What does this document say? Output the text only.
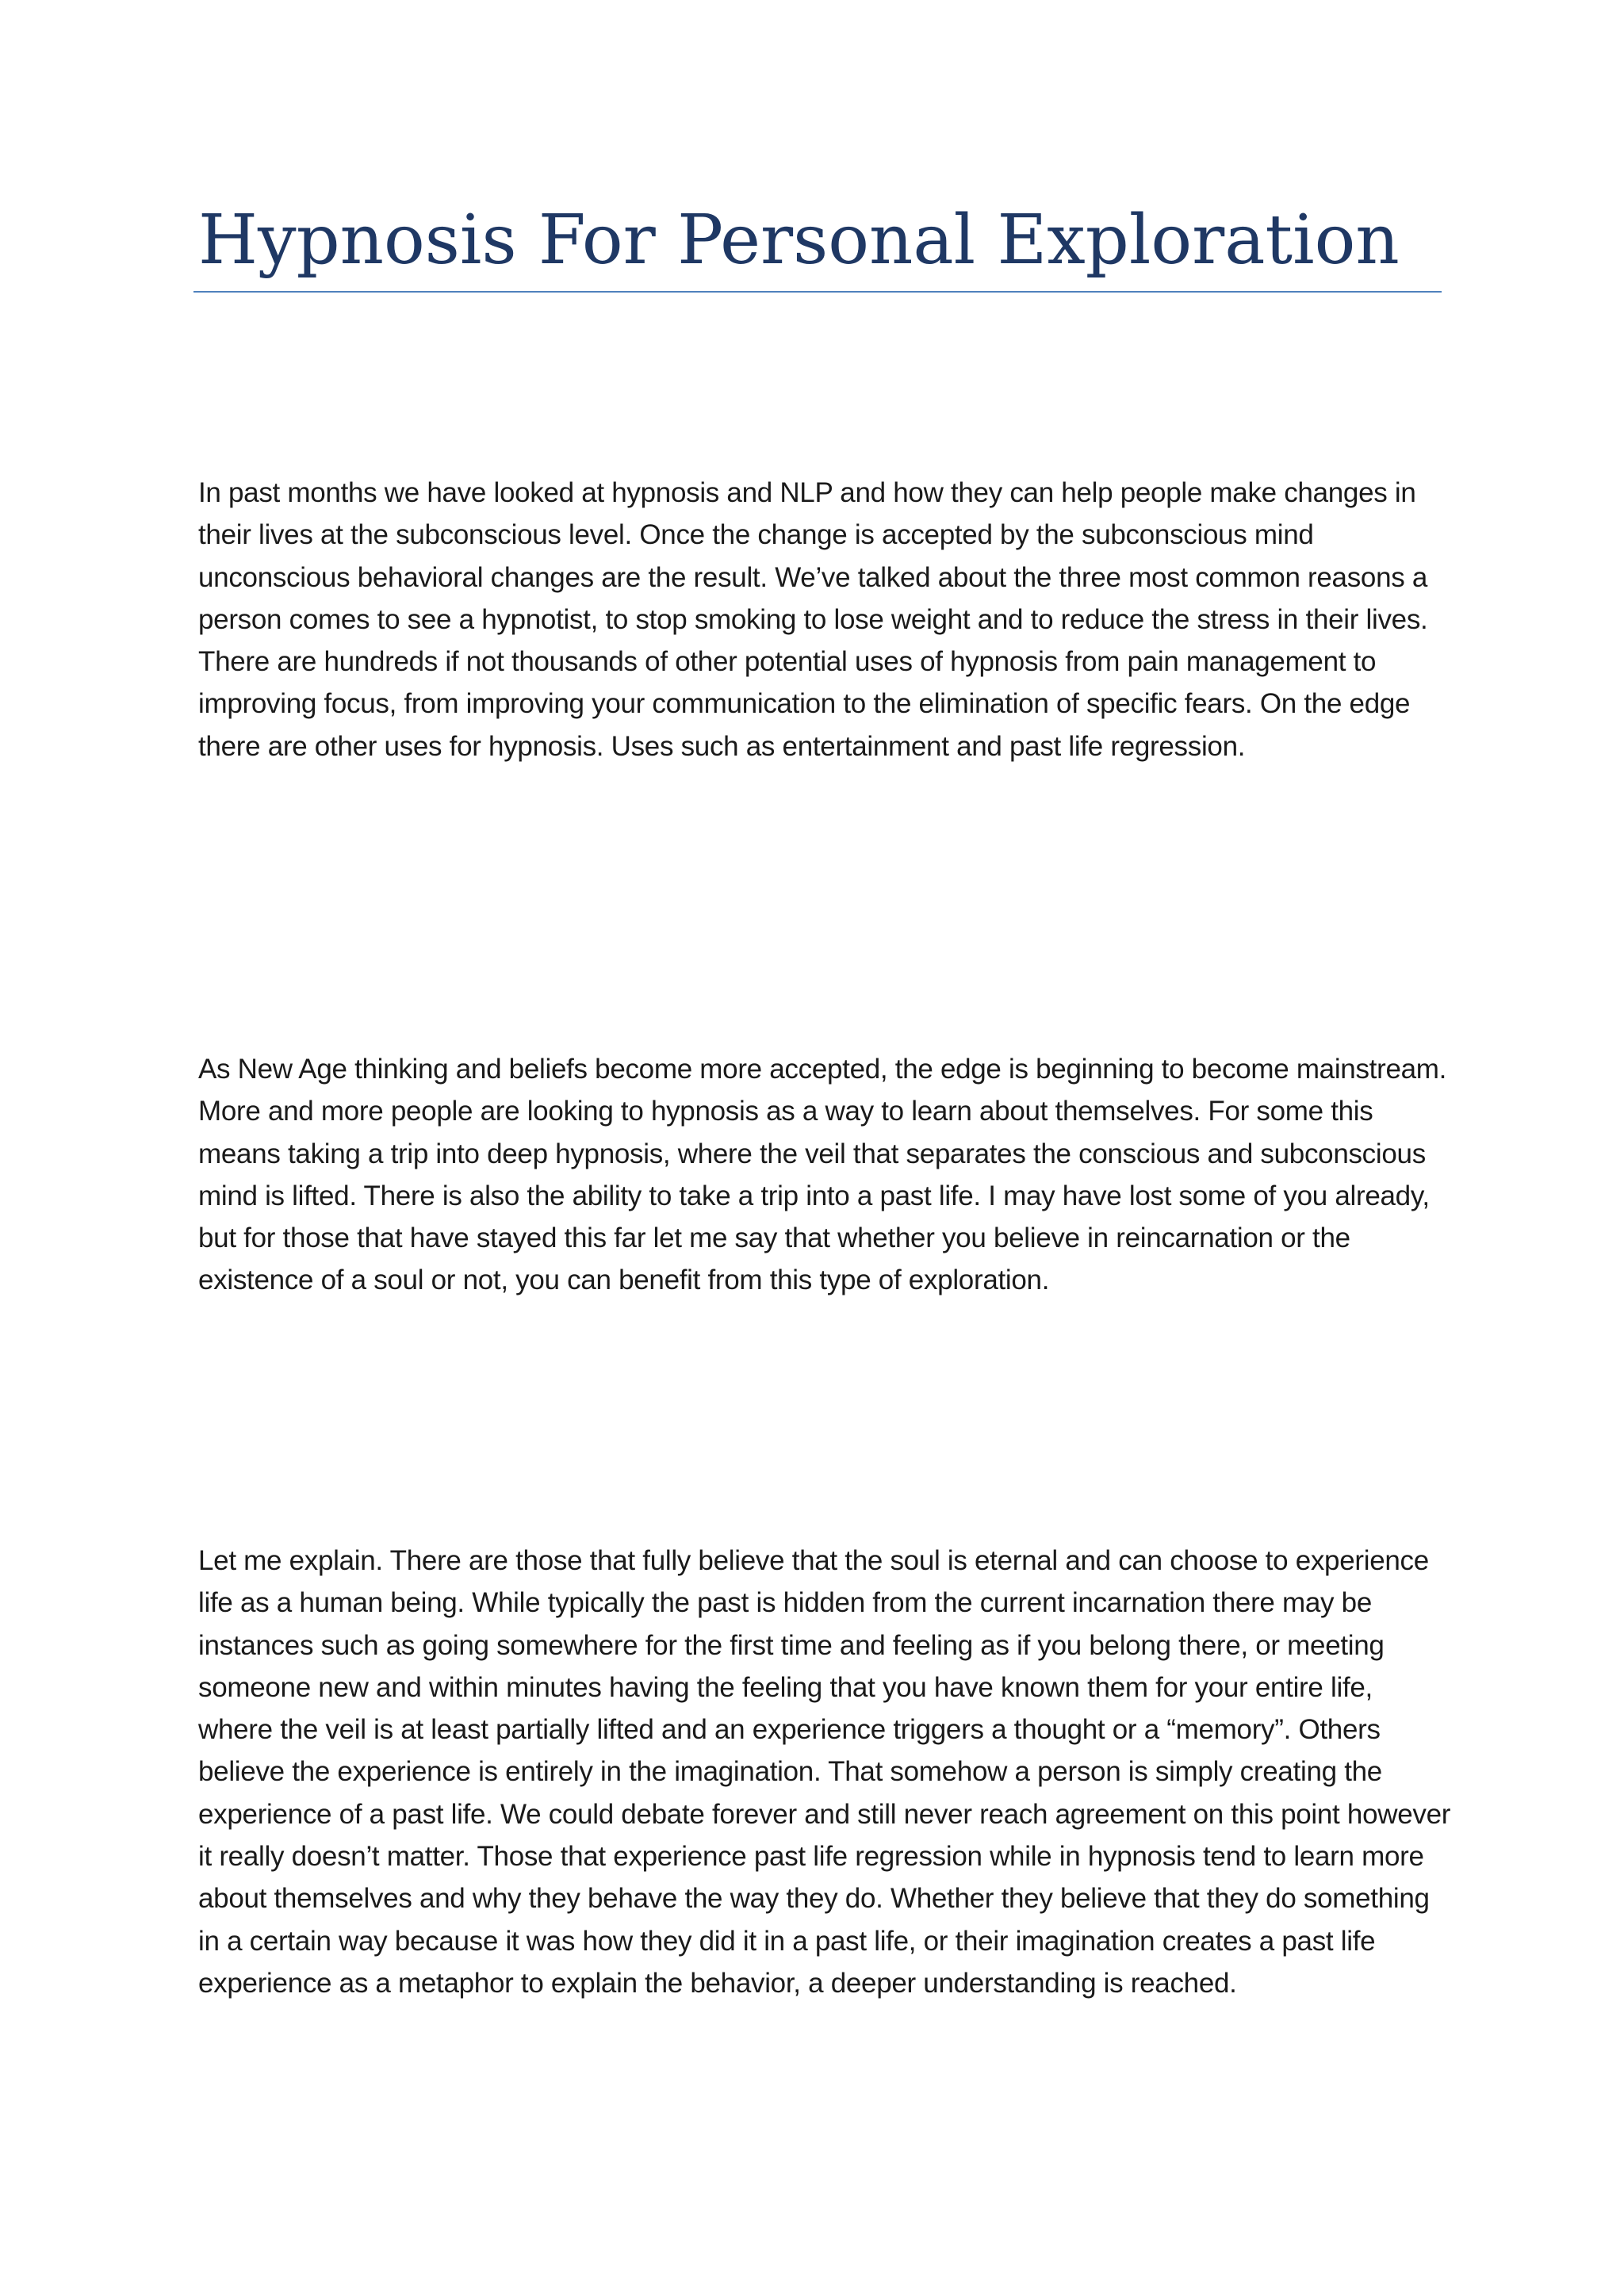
Hypnosis For Personal Exploration

In past months we have looked at hypnosis and NLP and how they can help people make changes in their lives at the subconscious level. Once the change is accepted by the subconscious mind unconscious behavioral changes are the result. We’ve talked about the three most common reasons a person comes to see a hypnotist, to stop smoking to lose weight and to reduce the stress in their lives. There are hundreds if not thousands of other potential uses of hypnosis from pain management to improving focus, from improving your communication to the elimination of specific fears. On the edge there are other uses for hypnosis. Uses such as entertainment and past life regression.

As New Age thinking and beliefs become more accepted, the edge is beginning to become mainstream. More and more people are looking to hypnosis as a way to learn about themselves. For some this means taking a trip into deep hypnosis, where the veil that separates the conscious and subconscious mind is lifted. There is also the ability to take a trip into a past life. I may have lost some of you already, but for those that have stayed this far let me say that whether you believe in reincarnation or the existence of a soul or not, you can benefit from this type of exploration.

Let me explain. There are those that fully believe that the soul is eternal and can choose to experience life as a human being. While typically the past is hidden from the current incarnation there may be instances such as going somewhere for the first time and feeling as if you belong there, or meeting someone new and within minutes having the feeling that you have known them for your entire life, where the veil is at least partially lifted and an experience triggers a thought or a “memory”. Others believe the experience is entirely in the imagination. That somehow a person is simply creating the experience of a past life. We could debate forever and still never reach agreement on this point however it really doesn’t matter. Those that experience past life regression while in hypnosis tend to learn more about themselves and why they behave the way they do. Whether they believe that they do something in a certain way because it was how they did it in a past life, or their imagination creates a past life experience as a metaphor to explain the behavior, a deeper understanding is reached.
